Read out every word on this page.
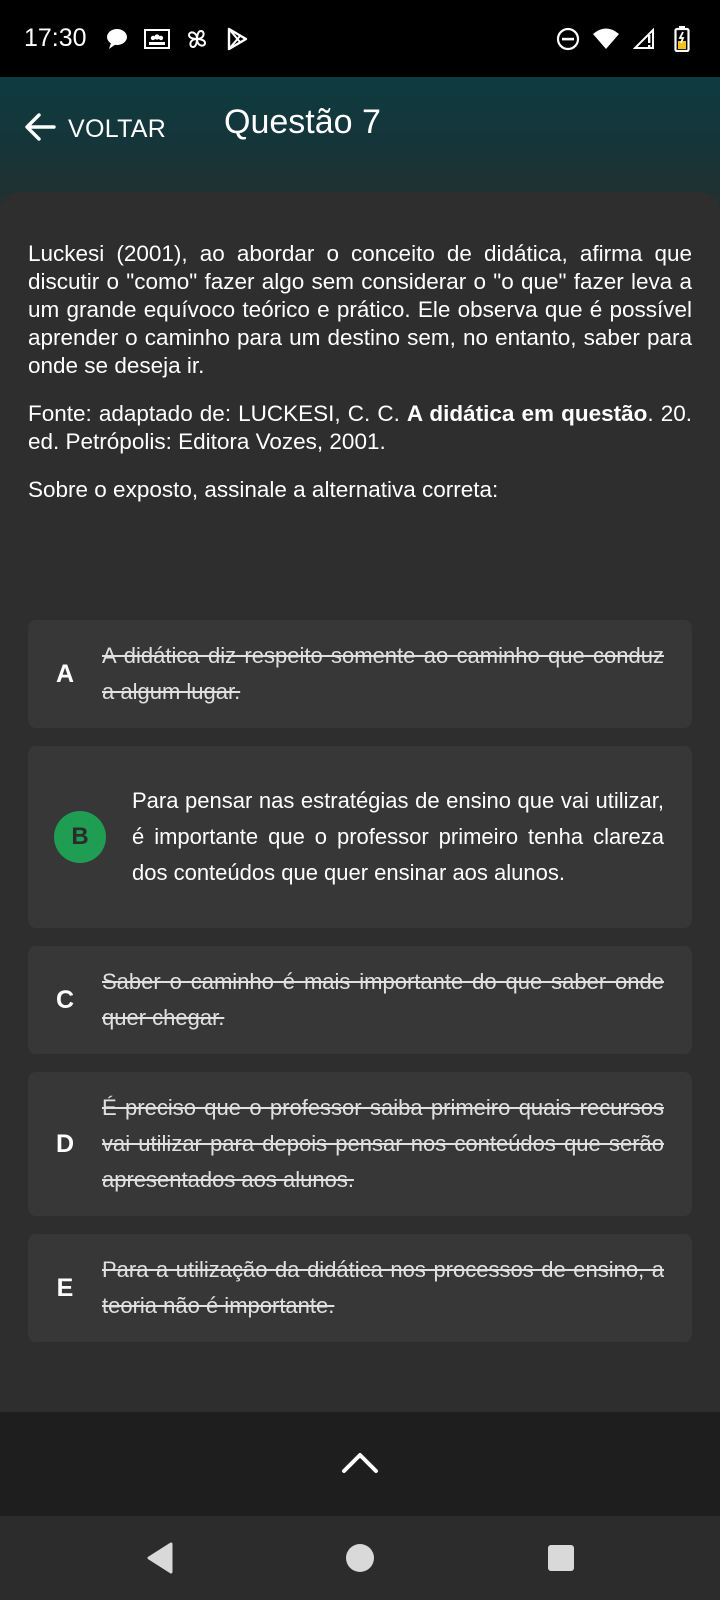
17:30
VOLTAR Questão 7

Luckesi (2001), ao abordar o conceito de didática, afirma que discutir o "como" fazer algo sem considerar o "o que" fazer leva a um grande equívoco teórico e prático. Ele observa que é possível aprender o caminho para um destino sem, no entanto, saber para onde se deseja ir.

Fonte: adaptado de: LUCKESI, C. C. A didática em questão. 20. ed. Petrópolis: Editora Vozes, 2001.

Sobre o exposto, assinale a alternativa correta:

A
A didática diz respeito somente ao caminho que conduz a algum lugar.
B
Para pensar nas estratégias de ensino que vai utilizar, é importante que o professor primeiro tenha clareza dos conteúdos que quer ensinar aos alunos.
C
Saber o caminho é mais importante do que saber onde quer chegar.
D
É preciso que o professor saiba primeiro quais recursos vai utilizar para depois pensar nos conteúdos que serão apresentados aos alunos.
E
Para a utilização da didática nos processos de ensino, a teoria não é importante.
